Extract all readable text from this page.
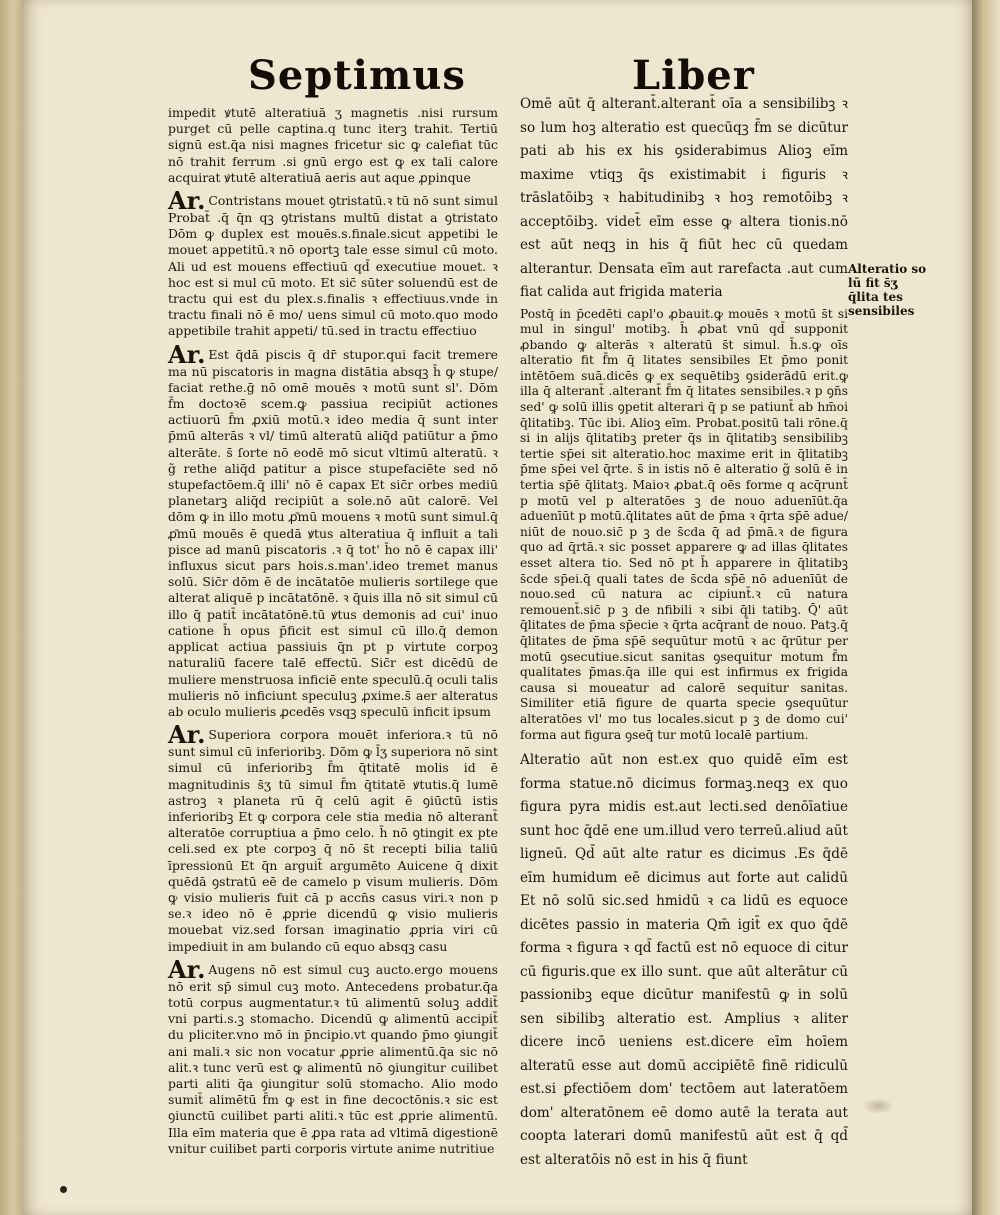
Septimus	Liber

impedit ꝟtutē alteratiuā ʒ magnetis .nisi rursum purget cū pelle captina.q tunc iterꝫ trahit. Tertiū signū est.q̄a nisi magnes fricetur sic ꝙ calefiat tūc nō trahit ferrum .si gnū ergo est ꝙ ex tali calore acquirat ꝟtutē alteratiuā aeris aut aque ꝓpinque

Ar. Contristans mouet ꝯtristatū.ꝛ tū nō sunt simul Probat̄ .q̄ q̄n qꝫ ꝯtristans multū distat a ꝯtristato Dōm ꝙ duplex est mouēs.s.finale.sicut appetibi le mouet appetitū.ꝛ nō oportꝫ tale esse simul cū moto. Ali ud est mouens effectiuū qd̄ executiue mouet. ꝛ hoc est si mul cū moto. Et sic̄ sūter soluendū est de tractu qui est du plex.s.finalis ꝛ effectiuus.vnde in tractu finali nō ē mo/ uens simul cū moto.quo modo appetibile trahit appeti/ tū.sed in tractu effectiuo

Ar. Est q̄dā piscis q̄ dr̄ stupor.qui facit tremere ma nū piscatoris in magna distātia absqꝫ h̄ ꝙ stupe/ faciat rethe.ḡ nō omē mouēs ꝛ motū sunt sl'. Dōm f̄m doctoꝛē scem.ꝙ passiua recipiūt actiones actiuorū f̄m ꝓxiū motū.ꝛ ideo media q̄ sunt inter p̄mū alterās ꝛ vl/ timū alteratū aliq̄d patiūtur a p̄mo alterāte. s̄ ſorte nō eodē mō sicut vltimū alteratū. ꝛ g̃ rethe aliq̄d patitur a pisce stupefaciēte sed nō stupefactōem.q̄ illi' nō ē capax Et sic̄r orbes mediū planetarꝫ aliq̄d recipiūt a sole.nō aūt calorē. Vel dōm ꝙ in illo motu ꝓ̄mū mouens ꝛ motū sunt simul.q̄ ꝓ̄mū mouēs ē quedā ꝟtus alteratiua q̄ influit a tali pisce ad manū piscatoris .ꝛ q̄ tot' h̄o nō ē capax illi' influxus sicut pars hois.s.man'.ideo tremet manus solū. Sic̄r dōm ē de incātatōe mulieris sortilege que alterat aliquē p incātatōnē. ꝛ q̄uis illa nō sit simul cū illo q̄ patit̄ incātatōnē.tū ꝟtus demonis ad cui' inuo catione h̄ opus p̄ficit est simul cū illo.q̄ demon applicat actiua passiuis q̄n pt p virtute corpoꝫ naturaliū facere talē effectū. Sic̄r est dicēdū de muliere menstruosa inficiē ente speculū.q̄ oculi talis mulieris nō inficiunt speculuꝫ ꝓxime.s̄ aer alteratus ab oculo mulieris ꝓcedēs vsqꝫ speculū inficit ipsum

Ar. Superiora corpora mouēt inferiora.ꝛ tū nō sunt simul cū inferioribꝫ. Dōm ꝙ l̄ʒ superiora nō sint simul cū inferioribꝫ f̄m q̄titatē molis id ē magnitudinis s̄ʒ tū simul f̄m q̄titatē ꝟtutis.q̄ lumē astroꝫ ꝛ planeta rū q̄ celū agit ē ꝯiūctū istis inferioribꝫ Et ꝙ corpora cele stia media nō alterant̄ alteratōe corruptiua a p̄mo celo. h̄ nō ꝯtingit ex pte celi.sed ex pte corpoꝫ q̄ nō s̄t recepti bilia taliū īpressionū Et q̄n arguit̄ argumēto Auicene q̄ dixit quēdā ꝯstratū eē de camelo p visum mulieris. Dōm ꝙ visio mulieris fuit cā p accn̄s casus viri.ꝛ non p se.ꝛ ideo nō ē ꝓprie dicendū ꝙ visio mulieris mouebat viz.sed forsan imaginatio ꝓpria viri cū impediuit in am bulando cū equo absqꝫ casu

Ar. Augens nō est simul cuꝫ aucto.ergo mouens nō erit sp̄ simul cuꝫ moto. Antecedens probatur.q̄a totū corpus augmentatur.ꝛ tū alimentū soluꝫ addit̄ vni parti.s.ꝫ stomacho. Dicendū ꝙ alimentū accipit̄ du pliciter.vno mō in p̄ncipio.vt quando p̄mo ꝯiungit̄ ani mali.ꝛ sic non vocatur ꝓprie alimentū.q̄a sic nō alit.ꝛ tunc verū est ꝙ alimentū nō ꝯiungitur cuilibet parti aliti q̄a ꝯiungitur solū stomacho. Alio modo sumit̄ alimētū f̄m ꝙ est in fine decoctōnis.ꝛ sic est ꝯiunctū cuilibet parti aliti.ꝛ tūc est ꝓprie alimentū. Illa eīm materia que ē ꝓpa rata ad vltimā digestionē vnitur cuilibet parti corporis virtute anime nutritiue

Omē aūt q̄ alterant̄.alterant̄ oīa a sensibilibꝫ ꝛ so lum hoꝫ alteratio est quecūqꝫ f̄m se dicūtur pati ab his ex his ꝯsiderabimus Alioꝫ eīm maxime vtiqꝫ q̄s existimabit i figuris ꝛ trāslatōibꝫ ꝛ habitudinibꝫ ꝛ hoꝫ remotōibꝫ ꝛ acceptōibꝫ. videt̄ eīm esse ꝙ altera tionis.nō est aūt neqꝫ in his q̄ fiūt hec cū quedam alterantur. Densata eīm aut rarefacta .aut cum fiat calida aut frigida materia

Postq̄ in p̄cedēti capl'o ꝓbauit.ꝙ mouēs ꝛ motū s̄t si mul in singul' motibꝫ. h̄ ꝓbat vnū qd̄ supponit ꝓbando ꝙ alterās ꝛ alteratū s̄t simul. h̄.s.ꝙ oīs alteratio fit f̄m q̄ litates sensibiles Et p̄mo ponit intētōem suā.dicēs ꝙ ex sequētibꝫ ꝯsiderādū erit.ꝙ illa q̄ alterant̄ .alterant̄ f̄m q̄ litates sensibiles.ꝛ p ꝯn̄s sed' ꝙ solū illis ꝯpetit alterari q̄ p se patiunt̄ ab hm̄oi q̄litatibꝫ. Tūc ibi. Alioꝫ eīm. Probat.positū tali rōne.q̄ si in alijs q̄litatibꝫ preter q̄s in q̄litatibꝫ sensibilibꝫ tertie sp̄ei sit alteratio.hoc maxime erit in q̄litatibꝫ p̄me sp̄ei vel q̄rte. s̄ in istis nō ē alteratio g̃ solū ē in tertia sp̄ē q̄litatꝫ. Maioꝛ ꝓbat.q̄ oēs forme q acq̄runt̄ p motū vel p alteratōes ꝫ de nouo aduenīūt.q̄a aduenīūt p motū.q̄litates aūt de p̄ma ꝛ q̄rta sp̄ē adue/ niūt de nouo.sic̄ p ꝫ de s̄cda q̄ ad p̄mā.ꝛ de figura quo ad q̄rtā.ꝛ sic posset apparere ꝙ ad illas q̄litates esset altera tio. Sed nō pt h̄ apparere in q̄litatibꝫ s̄cde sp̄ei.q̄ quali tates de s̄cda sp̄ē nō aduenīūt de nouo.sed cū natura ac cipiunt̄.ꝛ cū natura remouent̄.sic̄ p ꝫ de nfibili ꝛ sibi q̄li tatibꝫ. Q̄' aūt q̄litates de p̄ma sp̄ecie ꝛ q̄rta acq̄rant̄ de nouo. Patꝫ.q̄ q̄litates de p̄ma sp̄ē sequūtur motū ꝛ ac q̄rūtur per motū ꝯsecutiue.sicut sanitas ꝯsequitur motum f̄m qualitates p̄mas.q̄a ille qui est infirmus ex frigida causa si moueatur ad calorē sequitur sanitas. Similiter etiā figure de quarta specie ꝯsequūtur alteratōes vl' mo tus locales.sicut p ꝫ de domo cui' forma aut figura ꝯseq̄ tur motū localē partium.

Alteratio aūt non est.ex quo quidē eīm est forma statue.nō dicimus formaꝫ.neqꝫ ex quo figura pyra midis est.aut lecti.sed denōīatiue sunt hoc q̄dē ene um.illud vero terreū.aliud aūt ligneū. Qd̄ aūt alte ratur es dicimus .Es q̄dē eīm humidum eē dicimus aut forte aut calidū Et nō solū sic.sed hmidū ꝛ ca lidū es equoce dicētes passio in materia Qm̄ igit̄ ex quo q̄dē forma ꝛ figura ꝛ qd̄ factū est nō equoce di citur cū figuris.que ex illo sunt. que aūt alterātur cū passionibꝫ eque dicūtur manifestū ꝙ in solū sen sibilibꝫ alteratio est. Amplius ꝛ aliter dicere incō ueniens est.dicere eīm hoīem alteratū esse aut domū accipiētē finē ridiculū est.si ꝑfectiōem dom' tectōem aut lateratōem dom' alteratōnem eē domo autē la terata aut coopta laterari domū manifestū aūt est q̄ qd̄ est alteratōis nō est in his q̄ fiunt

Alteratio so lū fit s̄ʒ q̄lita tes sensibiles
